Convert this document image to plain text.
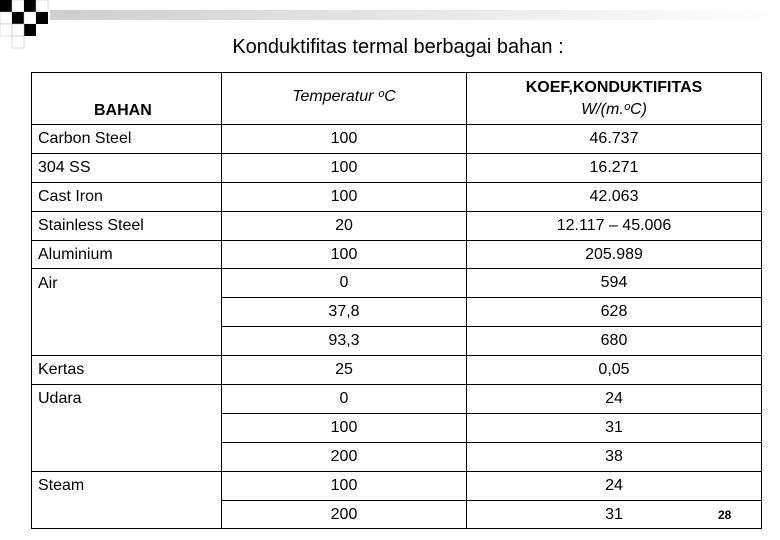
Konduktifitas termal berbagai bahan :
BAHAN	Temperatur ᵒC	KOEF,KONDUKTIFITAS
W/(m.ᵒC)

Carbon Steel	100	46.737
304 SS	100	16.271
Cast Iron	100	42.063
Stainless Steel	20	12.117 – 45.006
Aluminium	100	205.989
Air	0	594
	37,8	628
	93,3	680
Kertas	25	0,05
Udara	0	24
	100	31
	200	38
Steam	100	24
	200	31	28
